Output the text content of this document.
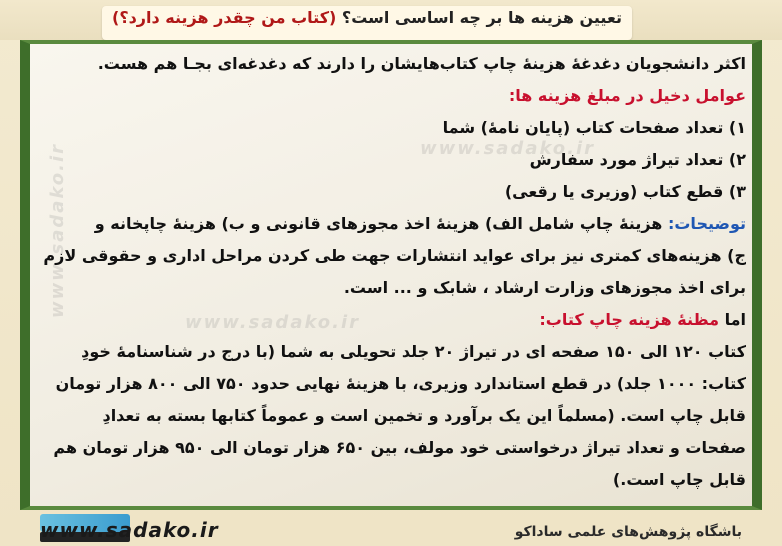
تعیین هزینه ها بر چه اساسی است؟ (کتاب من چقدر هزینه دارد؟)
www.sadako.ir
www.sadako.ir
www.sadako.ir
اکثر دانشجویان دغدغهٔ هزینهٔ چاپ کتاب‌هایشان را دارند که دغدغه‌ای بجـا هم هست.
عوامل دخیل در مبلغ هزینه ها:
۱) تعداد صفحات کتاب (پایان نامهٔ) شما
۲) تعداد تیراژ مورد سفارش
۳) قطع کتاب (وزیری یا رقعی)
توضیحات: هزینهٔ چاپ شامل الف) هزینهٔ اخذ مجوزهای قانونی و ب) هزینهٔ چاپخانه و
ج) هزینه‌های کمتری نیز برای عواید انتشارات جهت طی کردن مراحل اداری و حقوقی لازم
برای اخذ مجوزهای وزارت ارشاد ، شابک و ... است.
اما مظنهٔ هزینه چاپ کتاب:
کتاب ۱۲۰ الی ۱۵۰ صفحه ای در تیراژ ۲۰ جلد تحویلی به شما (با درج در شناسنامهٔ خودِ
کتاب: ۱۰۰۰ جلد) در قطع استاندارد وزیری، با هزینهٔ نهایی حدود ۷۵۰ الی ۸۰۰ هزار تومان
قابل چاپ است. (مسلماً این یک برآورد و تخمین است و عموماً کتابها بسته به تعدادِ
صفحات و تعداد تیراژ درخواستی خود مولف، بین ۶۵۰ هزار تومان الی ۹۵۰ هزار تومان هم
قابل چاپ است.)
www.sadako.ir	باشگاه پژوهش‌های علمی ساداکو
